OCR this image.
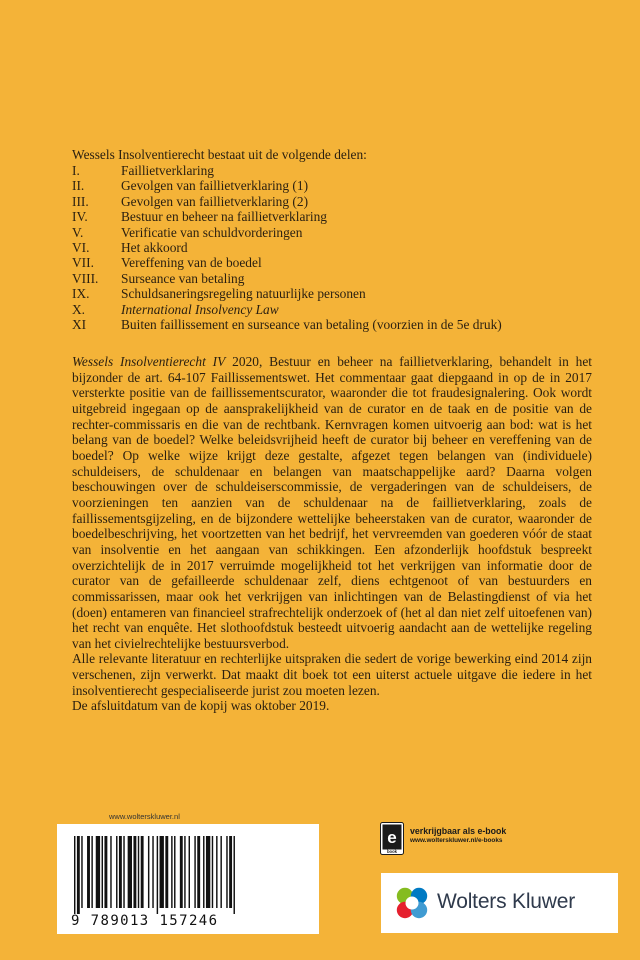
Wessels Insolventierecht bestaat uit de volgende delen:
I.	Faillietverklaring
II.	Gevolgen van faillietverklaring (1)
III.	Gevolgen van faillietverklaring (2)
IV.	Bestuur en beheer na faillietverklaring
V.	Verificatie van schuldvorderingen
VI.	Het akkoord
VII.	Vereffening van de boedel
VIII.	Surseance van betaling
IX.	Schuldsaneringsregeling natuurlijke personen
X.	International Insolvency Law
XI	Buiten faillissement en surseance van betaling (voorzien in de 5e druk)

Wessels Insolventierecht IV 2020, Bestuur en beheer na faillietverklaring, behandelt in het bijzonder de art. 64-107 Faillissementswet. Het commentaar gaat diepgaand in op de in 2017 versterkte positie van de faillissementscurator, waaronder die tot fraudesignalering. Ook wordt uitgebreid ingegaan op de aansprakelijkheid van de curator en de taak en de positie van de rechter-commissaris en die van de rechtbank. Kernvragen komen uitvoerig aan bod: wat is het belang van de boedel? Welke beleidsvrijheid heeft de curator bij beheer en vereffening van de boedel? Op welke wijze krijgt deze gestalte, afgezet tegen belangen van (individuele) schuldeisers, de schuldenaar en belangen van maatschappelijke aard? Daarna volgen beschouwingen over de schuldeiserscommissie, de vergaderingen van de schuldeisers, de voorzieningen ten aanzien van de schuldenaar na de faillietverklaring, zoals de faillissementsgijzeling, en de bijzondere wettelijke beheerstaken van de curator, waaronder de boedelbeschrijving, het voortzetten van het bedrijf, het vervreemden van goederen vóór de staat van insolventie en het aangaan van schikkingen. Een afzonderlijk hoofdstuk bespreekt overzichtelijk de in 2017 verruimde mogelijkheid tot het verkrijgen van informatie door de curator van de gefailleerde schuldenaar zelf, diens echtgenoot of van bestuurders en commissarissen, maar ook het verkrijgen van inlichtingen van de Belastingdienst of via het (doen) entameren van financieel strafrechtelijk onderzoek of (het al dan niet zelf uitoefenen van) het recht van enquête. Het slothoofdstuk besteedt uitvoerig aandacht aan de wettelijke regeling van het civielrechtelijke bestuursverbod.

Alle relevante literatuur en rechterlijke uitspraken die sedert de vorige bewerking eind 2014 zijn verschenen, zijn verwerkt. Dat maakt dit boek tot een uiterst actuele uitgave die iedere in het insolventierecht gespecialiseerde jurist zou moeten lezen.

De afsluitdatum van de kopij was oktober 2019.

www.wolterskluwer.nl
9 789013 157246
e
book
verkrijgbaar als e-book
www.wolterskluwer.nl/e-books
Wolters Kluwer
